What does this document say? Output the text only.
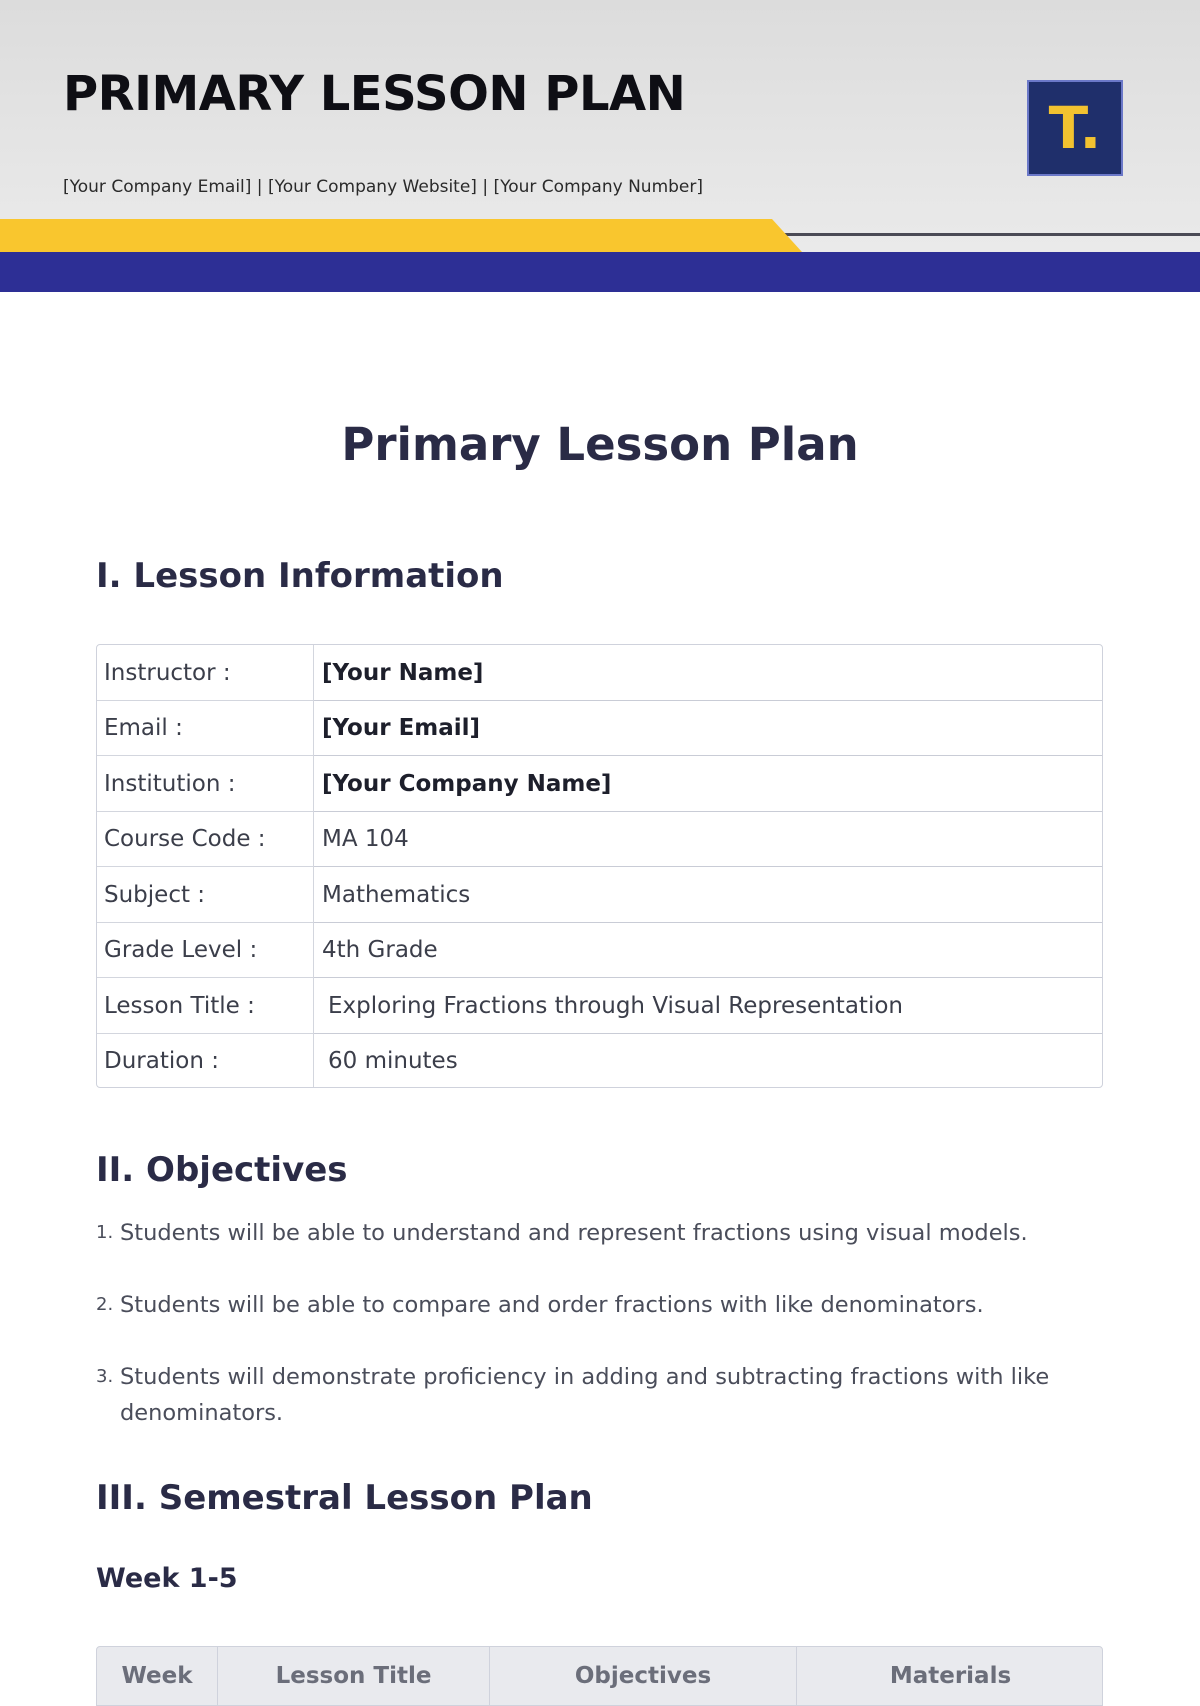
PRIMARY LESSON PLAN
[Your Company Email] | [Your Company Website] | [Your Company Number]
T.
Primary Lesson Plan
I. Lesson Information
Instructor :	[Your Name]
Email :	[Your Email]
Institution :	[Your Company Name]
Course Code :	MA 104
Subject :	Mathematics
Grade Level :	4th Grade
Lesson Title :	Exploring Fractions through Visual Representation
Duration :	60 minutes
II. Objectives
1. Students will be able to understand and represent fractions using visual models.
2. Students will be able to compare and order fractions with like denominators.
3. Students will demonstrate proficiency in adding and subtracting fractions with like denominators.
III. Semestral Lesson Plan
Week 1-5
Week	Lesson Title	Objectives	Materials
